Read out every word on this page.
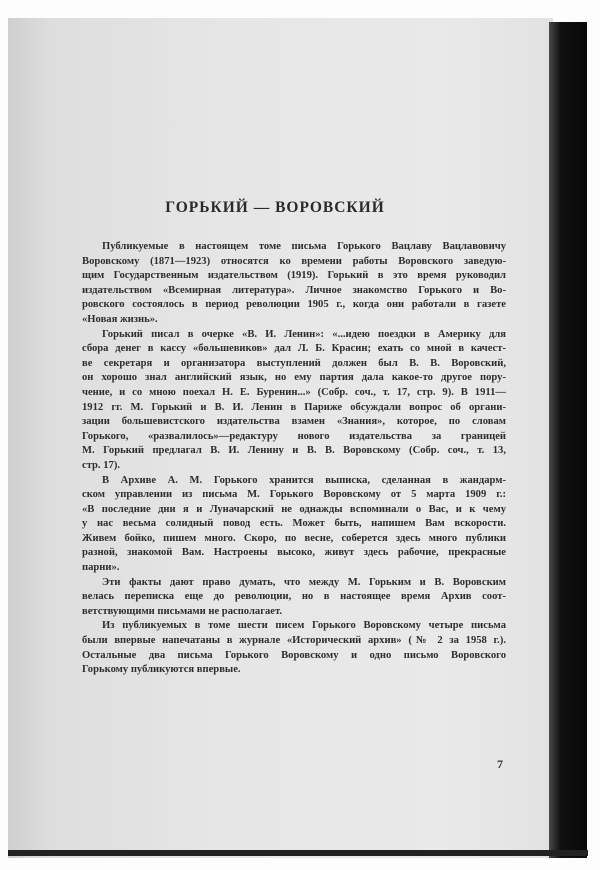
ГОРЬКИЙ — ВОРОВСКИЙ
Публикуемые в настоящем томе письма Горького Вацлаву Вацлавовичу
Воровскому (1871—1923) относятся ко времени работы Воровского заведую-
щим Государственным издательством (1919). Горький в это время руководил
издательством «Всемирная литература». Личное знакомство Горького и Во-
ровского состоялось в период революции 1905 г., когда они работали в газете
«Новая жизнь».
Горький писал в очерке «В. И. Ленин»: «...идею поездки в Америку для
сбора денег в кассу «большевиков» дал Л. Б. Красин; ехать со мной в качест-
ве секретаря и организатора выступлений должен был В. В. Воровский,
он хорошо знал английский язык, но ему партия дала какое-то другое пору-
чение, и со мною поехал Н. Е. Буренин...» (Собр. соч., т. 17, стр. 9). В 1911—
1912 гг. М. Горький и В. И. Ленин в Париже обсуждали вопрос об органи-
зации большевистского издательства взамен «Знания», которое, по словам
Горького, «развалилось»—редактуру нового издательства за границей
М. Горький предлагал В. И. Ленину и В. В. Воровскому (Собр. соч., т. 13,
стр. 17).
В Архиве А. М. Горького хранится выписка, сделанная в жандарм-
ском управлении из письма М. Горького Воровскому от 5 марта 1909 г.:
«В последние дни я и Луначарский не однажды вспоминали о Вас, и к чему
у нас весьма солидный повод есть. Может быть, напишем Вам вскорости.
Живем бойко, пишем много. Скоро, по весне, соберется здесь много публики
разной, знакомой Вам. Настроены высоко, живут здесь рабочие, прекрасные
парни».
Эти факты дают право думать, что между М. Горьким и В. Воровским
велась переписка еще до революции, но в настоящее время Архив соот-
ветствующими письмами не располагает.
Из публикуемых в томе шести писем Горького Воровскому четыре письма
были впервые напечатаны в журнале «Исторический архив» (№ 2 за 1958 г.).
Остальные два письма Горького Воровскому и одно письмо Воровского
Горькому публикуются впервые.
7
